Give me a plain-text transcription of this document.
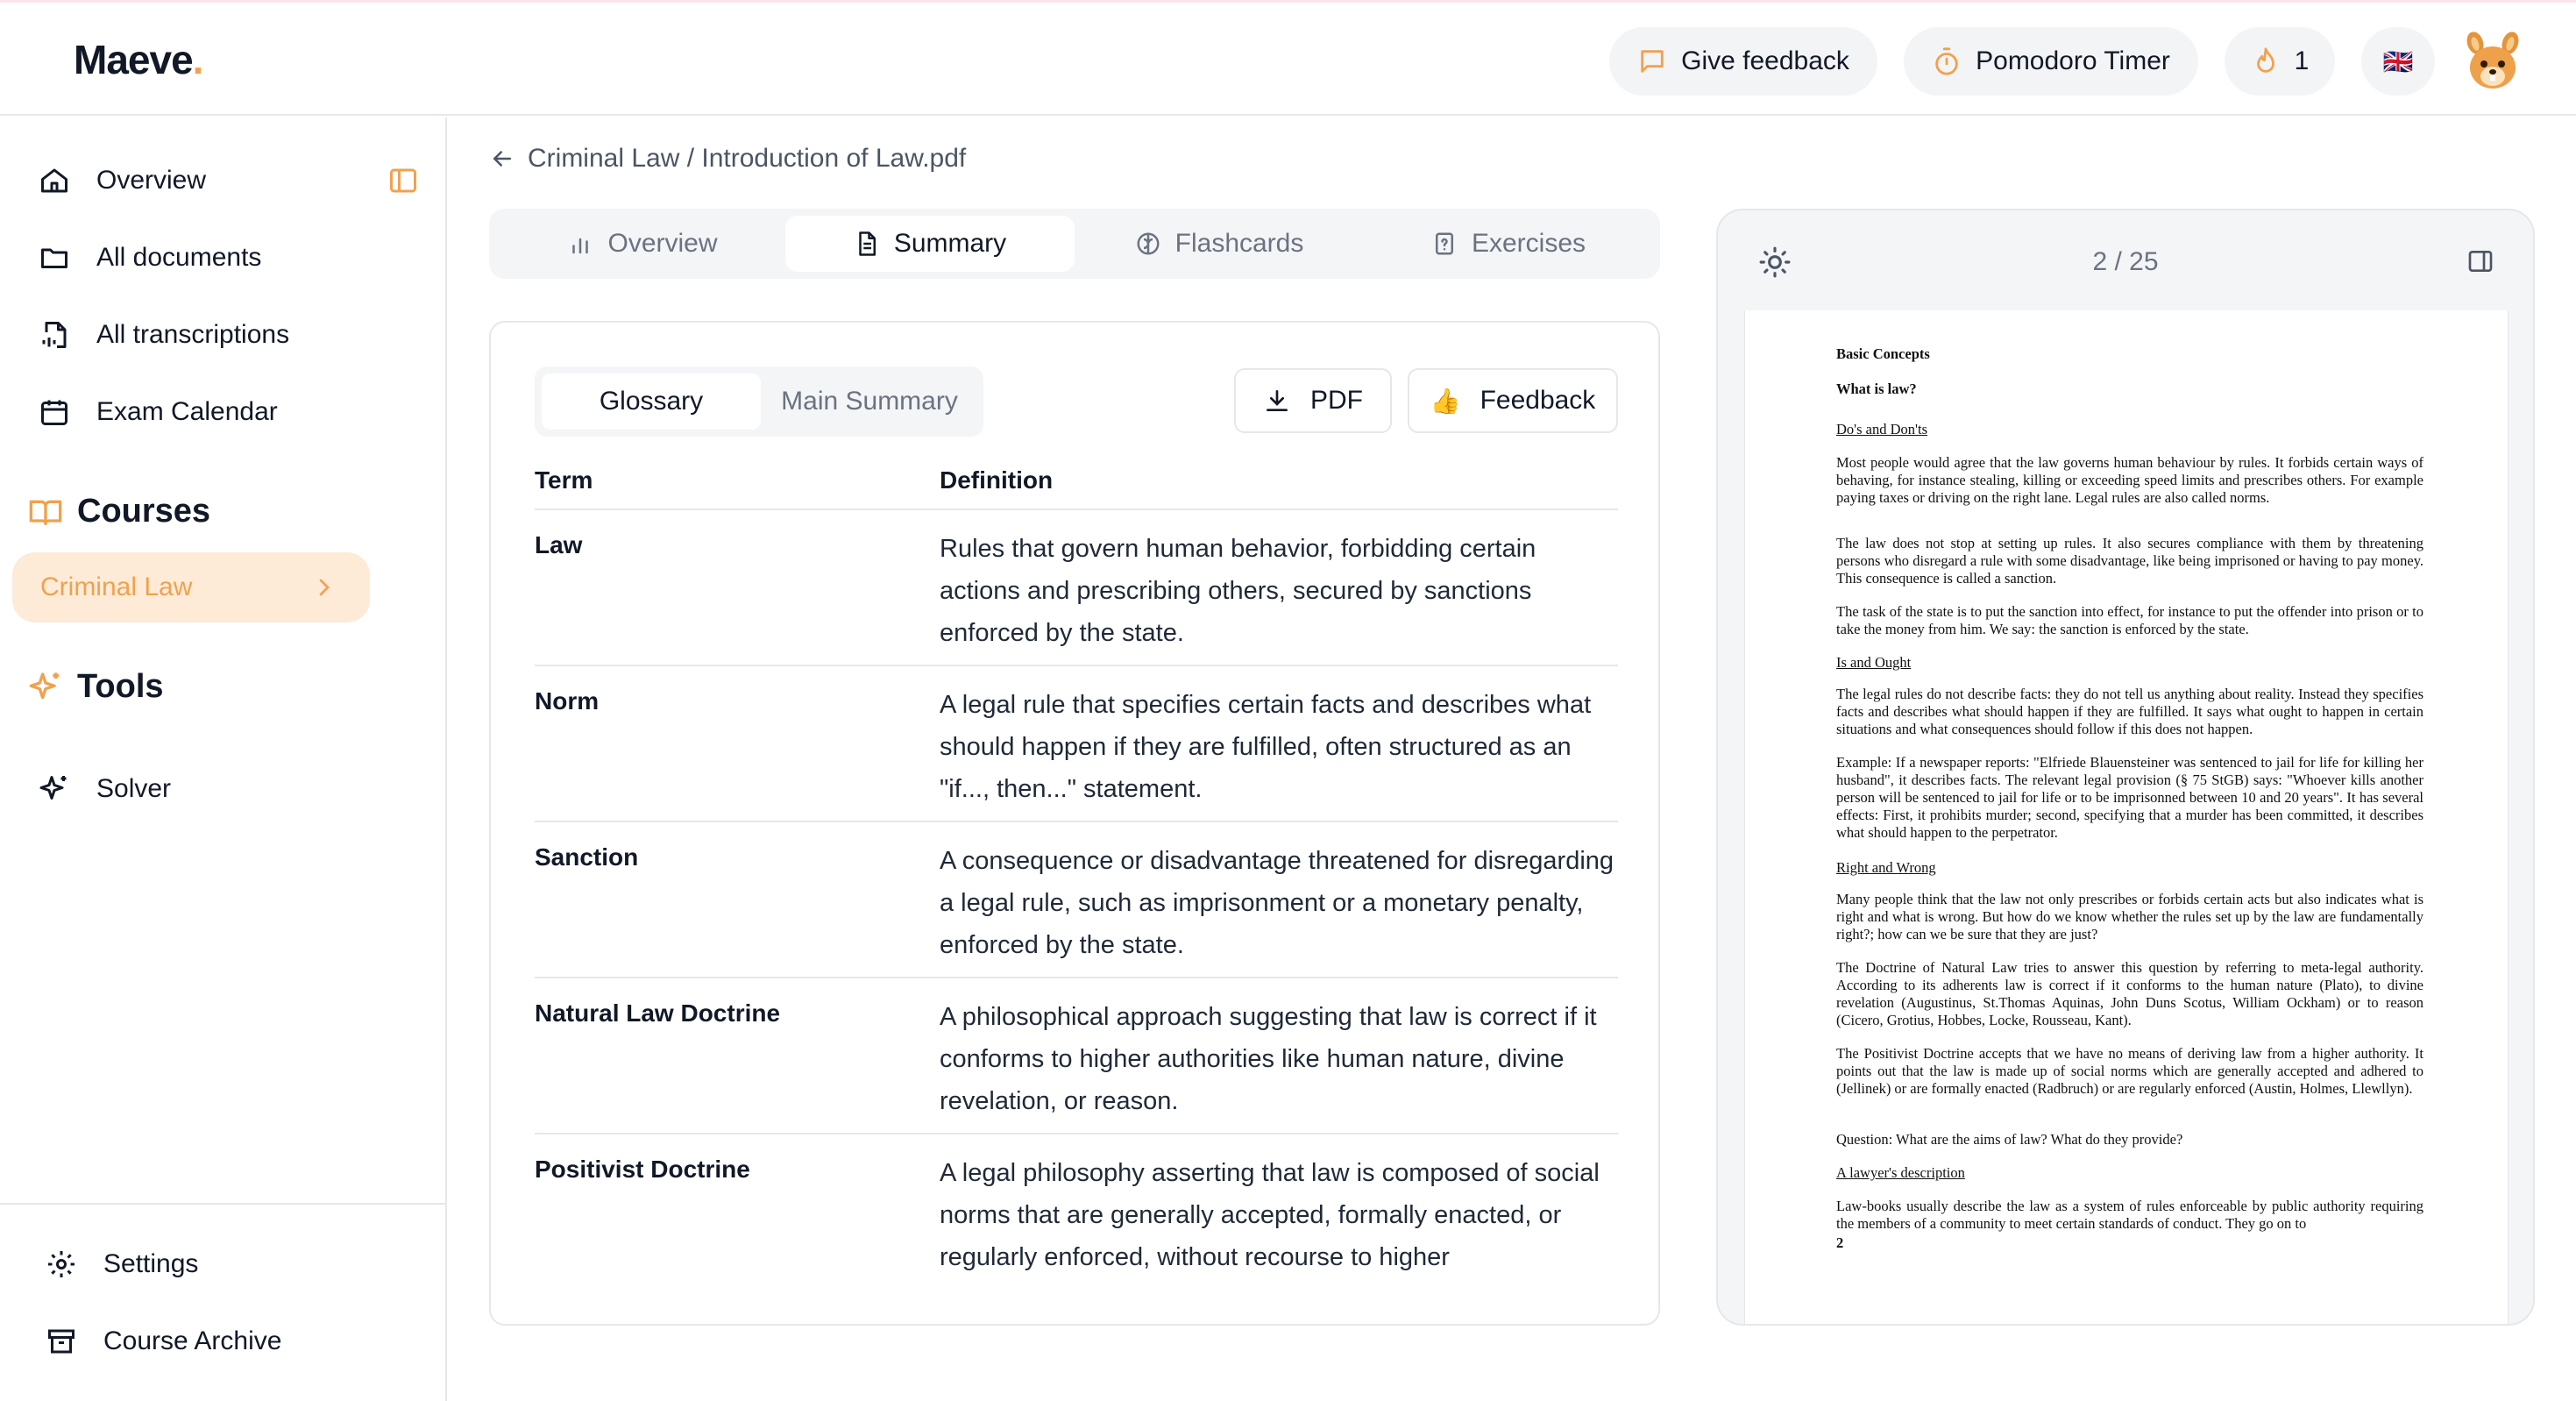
Maeve.	Give feedback	Pomodoro Timer	1	🇬🇧
Overview
All documents
All transcriptions
Exam Calendar
Courses
Criminal Law
Tools
Solver
Settings
Course Archive
Criminal Law / Introduction of Law.pdf
Overview	Summary	Flashcards	Exercises
Glossary	Main Summary	PDF	👍 Feedback
Term	Definition
Law	Rules that govern human behavior, forbidding certain actions and prescribing others, secured by sanctions enforced by the state.
Norm	A legal rule that specifies certain facts and describes what should happen if they are fulfilled, often structured as an "if..., then..." statement.
Sanction	A consequence or disadvantage threatened for disregarding a legal rule, such as imprisonment or a monetary penalty, enforced by the state.
Natural Law Doctrine	A philosophical approach suggesting that law is correct if it conforms to higher authorities like human nature, divine revelation, or reason.
Positivist Doctrine	A legal philosophy asserting that law is composed of social norms that are generally accepted, formally enacted, or regularly enforced, without recourse to higher
2 / 25
Basic Concepts
What is law?
Do's and Don'ts
Most people would agree that the law governs human behaviour by rules. It forbids certain ways of behaving, for instance stealing, killing or exceeding speed limits and prescribes others. For example paying taxes or driving on the right lane. Legal rules are also called norms.
The law does not stop at setting up rules. It also secures compliance with them by threatening persons who disregard a rule with some disadvantage, like being imprisoned or having to pay money. This consequence is called a sanction.
The task of the state is to put the sanction into effect, for instance to put the offender into prison or to take the money from him. We say: the sanction is enforced by the state.
Is and Ought
The legal rules do not describe facts: they do not tell us anything about reality. Instead they specifies facts and describes what should happen if they are fulfilled. It says what ought to happen in certain situations and what consequences should follow if this does not happen.
Example: If a newspaper reports: "Elfriede Blauensteiner was sentenced to jail for life for killing her husband", it describes facts. The relevant legal provision (§ 75 StGB) says: "Whoever kills another person will be sentenced to jail for life or to be imprisonned between 10 and 20 years". It has several effects: First, it prohibits murder; second, specifying that a murder has been committed, it describes what should happen to the perpetrator.
Right and Wrong
Many people think that the law not only prescribes or forbids certain acts but also indicates what is right and what is wrong. But how do we know whether the rules set up by the law are fundamentally right?; how can we be sure that they are just?
The Doctrine of Natural Law tries to answer this question by referring to meta-legal authority. According to its adherents law is correct if it conforms to the human nature (Plato), to divine revelation (Augustinus, St.Thomas Aquinas, John Duns Scotus, William Ockham) or to reason (Cicero, Grotius, Hobbes, Locke, Rousseau, Kant).
The Positivist Doctrine accepts that we have no means of deriving law from a higher authority. It points out that the law is made up of social norms which are generally accepted and adhered to (Jellinek) or are formally enacted (Radbruch) or are regularly enforced (Austin, Holmes, Llewllyn).
Question: What are the aims of law? What do they provide?
A lawyer's description
Law-books usually describe the law as a system of rules enforceable by public authority requiring the members of a community to meet certain standards of conduct. They go on to
2
